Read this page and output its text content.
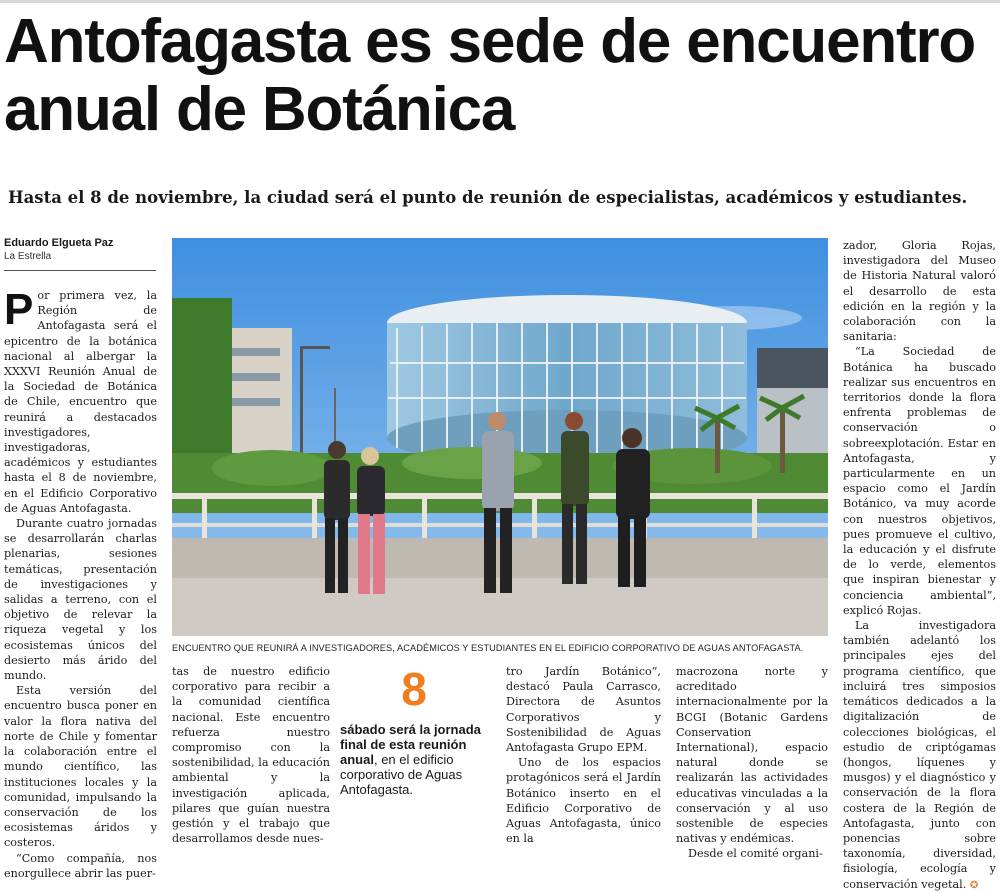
Antofagasta es sede de encuentro anual de Botánica

Hasta el 8 de noviembre, la ciudad será el punto de reunión de especialistas, académicos y estudiantes.

Eduardo Elgueta Paz
La Estrella

Por primera vez, la Región de Antofagasta será el epicentro de la botánica nacional al albergar la XXXVI Reunión Anual de la Sociedad de Botánica de Chile, encuentro que reunirá a destacados investigadores, investigadoras, académicos y estudiantes hasta el 8 de noviembre, en el Edificio Corporativo de Aguas Antofagasta.

Durante cuatro jornadas se desarrollarán charlas plenarias, sesiones temáticas, presentación de investigaciones y salidas a terreno, con el objetivo de relevar la riqueza vegetal y los ecosistemas únicos del desierto más árido del mundo.

Esta versión del encuentro busca poner en valor la flora nativa del norte de Chile y fomentar la colaboración entre el mundo científico, las instituciones locales y la comunidad, impulsando la conservación de los ecosistemas áridos y costeros.

“Como compañía, nos enorgullece abrir las puer-

ENCUENTRO QUE REUNIRÁ A INVESTIGADORES, ACADÉMICOS Y ESTUDIANTES EN EL EDIFICIO CORPORATIVO DE AGUAS ANTOFAGASTA.

tas de nuestro edificio corporativo para recibir a la comunidad científica nacional. Este encuentro refuerza nuestro compromiso con la sostenibilidad, la educación ambiental y la investigación aplicada, pilares que guían nuestra gestión y el trabajo que desarrollamos desde nues-

8
sábado será la jornada final de esta reunión anual, en el edificio corporativo de Aguas Antofagasta.

tro Jardín Botánico”, destacó Paula Carrasco, Directora de Asuntos Corporativos y Sostenibilidad de Aguas Antofagasta Grupo EPM.

Uno de los espacios protagónicos será el Jardín Botánico inserto en el Edificio Corporativo de Aguas Antofagasta, único en la

macrozona norte y acreditado internacionalmente por la BCGI (Botanic Gardens Conservation International), espacio natural donde se realizarán las actividades educativas vinculadas a la conservación y al uso sostenible de especies nativas y endémicas.

Desde el comité organi-

zador, Gloria Rojas, investigadora del Museo de Historia Natural valoró el desarrollo de esta edición en la región y la colaboración con la sanitaria:

“La Sociedad de Botánica ha buscado realizar sus encuentros en territorios donde la flora enfrenta problemas de conservación o sobreexplotación. Estar en Antofagasta, y particularmente en un espacio como el Jardín Botánico, va muy acorde con nuestros objetivos, pues promueve el cultivo, la educación y el disfrute de lo verde, elementos que inspiran bienestar y conciencia ambiental”, explicó Rojas.

La investigadora también adelantó los principales ejes del programa científico, que incluirá tres simposios temáticos dedicados a la digitalización de colecciones biológicas, el estudio de criptógamas (hongos, líquenes y musgos) y el diagnóstico y conservación de la flora costera de la Región de Antofagasta, junto con ponencias sobre taxonomía, diversidad, fisiología, ecología y conservación vegetal. ✪
